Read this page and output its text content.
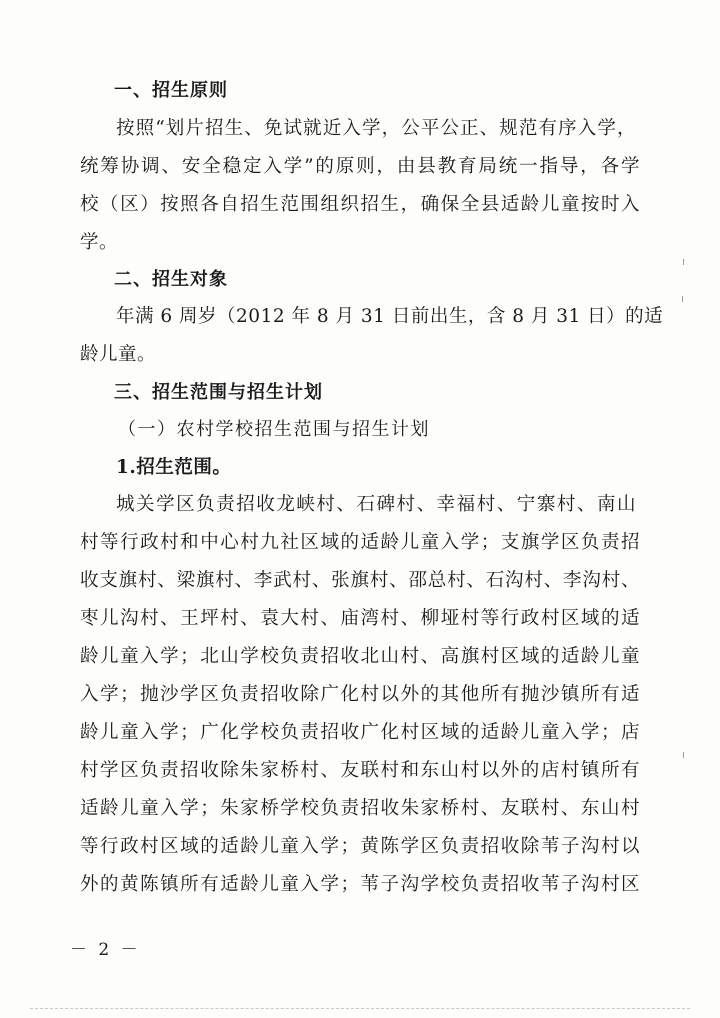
一、招生原则
按照“划片招生、免试就近入学，公平公正、规范有序入学，
统筹协调、安全稳定入学”的原则，由县教育局统一指导，各学
校（区）按照各自招生范围组织招生，确保全县适龄儿童按时入
学。
二、招生对象
年满 6 周岁（2012 年 8 月 31 日前出生，含 8 月 31 日）的适
龄儿童。
三、招生范围与招生计划
（一）农村学校招生范围与招生计划
1.招生范围。
城关学区负责招收龙峡村、石碑村、幸福村、宁寨村、南山
村等行政村和中心村九社区域的适龄儿童入学；支旗学区负责招
收支旗村、梁旗村、李武村、张旗村、邵总村、石沟村、李沟村、
枣儿沟村、王坪村、袁大村、庙湾村、柳垭村等行政村区域的适
龄儿童入学；北山学校负责招收北山村、高旗村区域的适龄儿童
入学；抛沙学区负责招收除广化村以外的其他所有抛沙镇所有适
龄儿童入学；广化学校负责招收广化村区域的适龄儿童入学；店
村学区负责招收除朱家桥村、友联村和东山村以外的店村镇所有
适龄儿童入学；朱家桥学校负责招收朱家桥村、友联村、东山村
等行政村区域的适龄儿童入学；黄陈学区负责招收除苇子沟村以
外的黄陈镇所有适龄儿童入学；苇子沟学校负责招收苇子沟村区
－ 2 －
